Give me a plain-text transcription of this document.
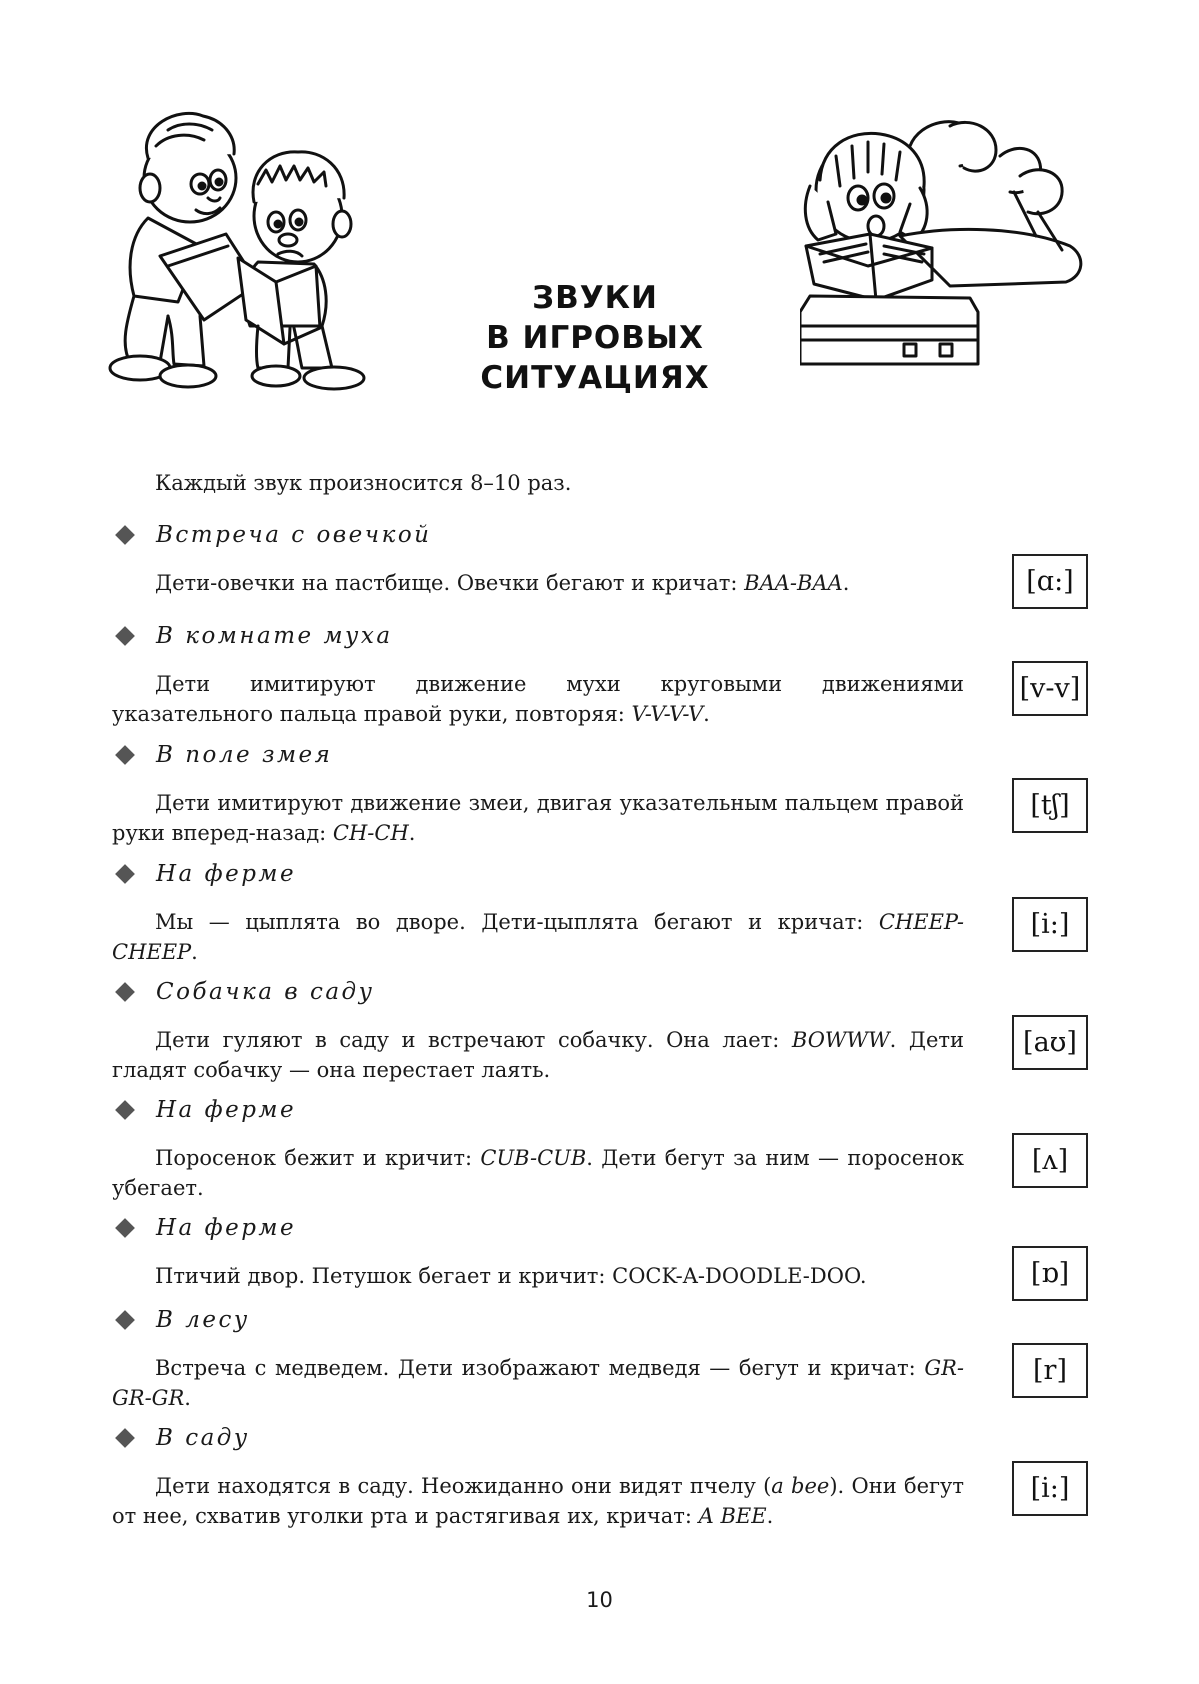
ЗВУКИ
В ИГРОВЫХ
СИТУАЦИЯХ
Каждый звук произносится 8–10 раз.
Встреча с овечкой
Дети-овечки на пастбище. Овечки бегают и кричат: BAA-BAA.	[ɑ:]
В комнате муха
Дети имитируют движение мухи круговыми движениями указательного пальца правой руки, повторяя: V-V-V-V.
[v-v]
В поле змея
Дети имитируют движение змеи, двигая указательным пальцем правой руки вперед-назад: CH-CH.
[tʃ]
На ферме
Мы — цыплята во дворе. Дети-цыплята бегают и кричат: CHEEP-CHEEP.
[i:]
Собачка в саду
Дети гуляют в саду и встречают собачку. Она лает: BOWWW. Дети гладят собачку — она перестает лаять.
[aʊ]
На ферме
Поросенок бежит и кричит: CUB-CUB. Дети бегут за ним — поросенок убегает.
[ʌ]
На ферме
Птичий двор. Петушок бегает и кричит: COCK-A-DOODLE-DOO.	[ɒ]
В лесу
Встреча с медведем. Дети изображают медведя — бегут и кричат: GR-GR-GR.
[r]
В саду
Дети находятся в саду. Неожиданно они видят пчелу (a bee). Они бегут от нее, схватив уголки рта и растягивая их, кричат: A BEE.
[i:]
10
